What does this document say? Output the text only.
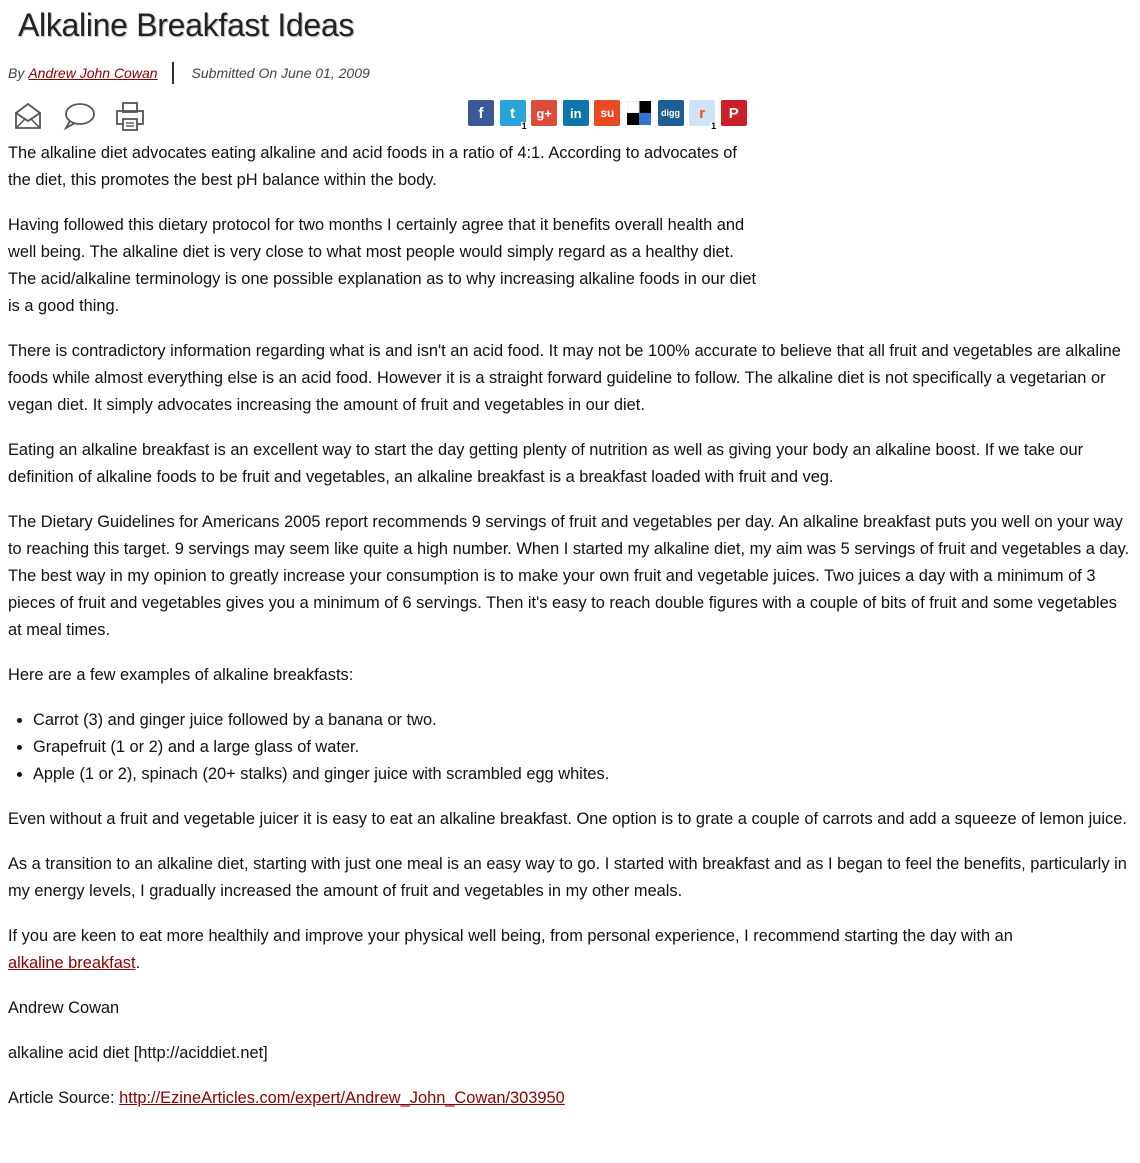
Alkaline Breakfast Ideas
By Andrew John Cowan Submitted On June 01, 2009
f t
1
g+ in su	digg r
1
P

The alkaline diet advocates eating alkaline and acid foods in a ratio of 4:1. According to advocates of the diet, this promotes the best pH balance within the body.

Having followed this dietary protocol for two months I certainly agree that it benefits overall health and well being. The alkaline diet is very close to what most people would simply regard as a healthy diet. The acid/alkaline terminology is one possible explanation as to why increasing alkaline foods in our diet is a good thing.

There is contradictory information regarding what is and isn't an acid food. It may not be 100% accurate to believe that all fruit and vegetables are alkaline foods while almost everything else is an acid food. However it is a straight forward guideline to follow. The alkaline diet is not specifically a vegetarian or vegan diet. It simply advocates increasing the amount of fruit and vegetables in our diet.

Eating an alkaline breakfast is an excellent way to start the day getting plenty of nutrition as well as giving your body an alkaline boost. If we take our definition of alkaline foods to be fruit and vegetables, an alkaline breakfast is a breakfast loaded with fruit and veg.

The Dietary Guidelines for Americans 2005 report recommends 9 servings of fruit and vegetables per day. An alkaline breakfast puts you well on your way to reaching this target. 9 servings may seem like quite a high number. When I started my alkaline diet, my aim was 5 servings of fruit and vegetables a day. The best way in my opinion to greatly increase your consumption is to make your own fruit and vegetable juices. Two juices a day with a minimum of 3 pieces of fruit and vegetables gives you a minimum of 6 servings. Then it's easy to reach double figures with a couple of bits of fruit and some vegetables at meal times.

Here are a few examples of alkaline breakfasts:

• Carrot (3) and ginger juice followed by a banana or two.
• Grapefruit (1 or 2) and a large glass of water.
• Apple (1 or 2), spinach (20+ stalks) and ginger juice with scrambled egg whites.

Even without a fruit and vegetable juicer it is easy to eat an alkaline breakfast. One option is to grate a couple of carrots and add a squeeze of lemon juice.

As a transition to an alkaline diet, starting with just one meal is an easy way to go. I started with breakfast and as I began to feel the benefits, particularly in my energy levels, I gradually increased the amount of fruit and vegetables in my other meals.

If you are keen to eat more healthily and improve your physical well being, from personal experience, I recommend starting the day with an
alkaline breakfast.

Andrew Cowan

alkaline acid diet [http://aciddiet.net]

Article Source: http://EzineArticles.com/expert/Andrew_John_Cowan/303950
